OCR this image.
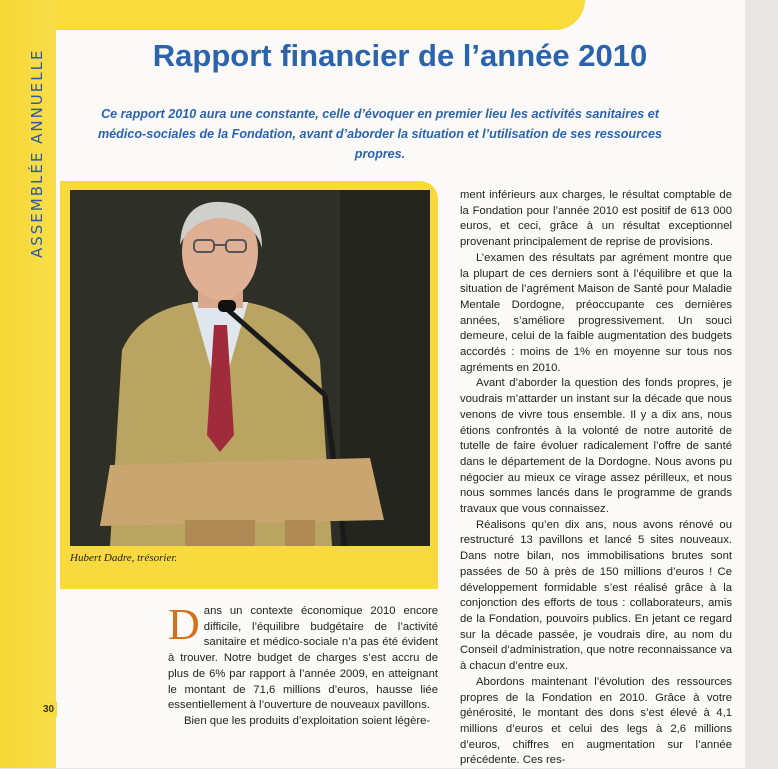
ASSEMBLÉE ANNUELLE	Rapport financier de l’année 2010

Ce rapport 2010 aura une constante, celle d’évoquer en premier lieu les activités sanitaires et médico-sociales de la Fondation, avant d’aborder la situation et l’utilisation de ses ressources propres.

Hubert Dadre, trésorier.

Dans un contexte économique 2010 encore difficile, l’équilibre budgétaire de l’activité sanitaire et médico-sociale n’a pas été évident à trouver. Notre budget de charges s’est accru de plus de 6% par rapport à l’année 2009, en atteignant le montant de 71,6 millions d’euros, hausse liée essentiellement à l’ouverture de nouveaux pavillons.

Bien que les produits d’exploitation soient légère-

ment inférieurs aux charges, le résultat comptable de la Fondation pour l’année 2010 est positif de 613 000 euros, et ceci, grâce à un résultat exceptionnel provenant principalement de reprise de provisions.

L’examen des résultats par agrément montre que la plupart de ces derniers sont à l’équilibre et que la situation de l’agrément Maison de Santé pour Maladie Mentale Dordogne, préoccupante ces dernières années, s’améliore progressivement. Un souci demeure, celui de la faible augmentation des budgets accordés : moins de 1% en moyenne sur tous nos agréments en 2010.

Avant d’aborder la question des fonds propres, je voudrais m’attarder un instant sur la décade que nous venons de vivre tous ensemble. Il y a dix ans, nous étions confrontés à la volonté de notre autorité de tutelle de faire évoluer radicalement l’offre de santé dans le département de la Dordogne. Nous avons pu négocier au mieux ce virage assez périlleux, et nous nous sommes lancés dans le programme de grands travaux que vous connaissez.

Réalisons qu’en dix ans, nous avons rénové ou restructuré 13 pavillons et lancé 5 sites nouveaux. Dans notre bilan, nos immobilisations brutes sont passées de 50 à près de 150 millions d’euros ! Ce développement formidable s’est réalisé grâce à la conjonction des efforts de tous : collaborateurs, amis de la Fondation, pouvoirs publics. En jetant ce regard sur la décade passée, je voudrais dire, au nom du Conseil d’administration, que notre reconnaissance va à chacun d’entre eux.

Abordons maintenant l’évolution des ressources propres de la Fondation en 2010. Grâce à votre générosité, le montant des dons s’est élevé à 4,1 millions d’euros et celui des legs à 2,6 millions d’euros, chiffres en augmentation sur l’année précédente. Ces res-

30
